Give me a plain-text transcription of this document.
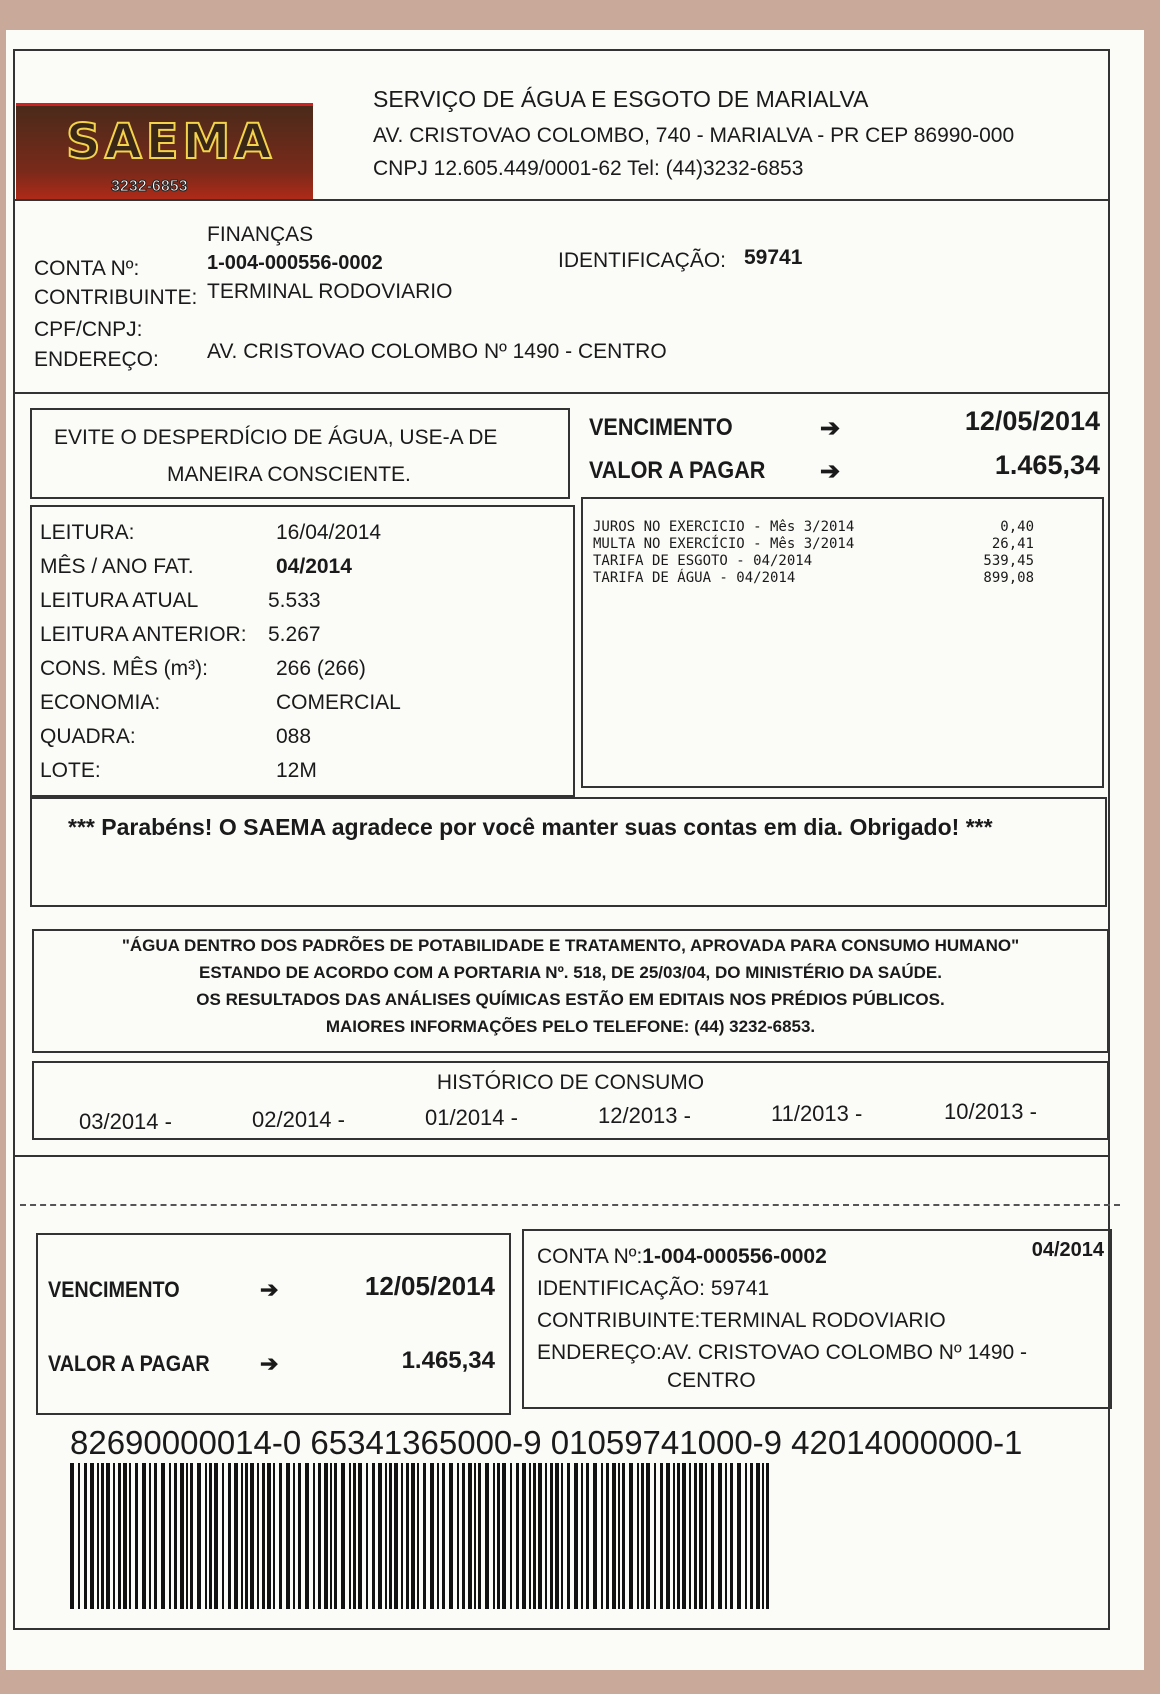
SAEMA
3232-6853
SERVIÇO DE ÁGUA E ESGOTO DE MARIALVA
AV. CRISTOVAO COLOMBO, 740 - MARIALVA - PR CEP 86990-000
CNPJ 12.605.449/0001-62 Tel: (44)3232-6853
FINANÇAS
CONTA Nº:	1-004-000556-0002	IDENTIFICAÇÃO: 59741
CONTRIBUINTE: TERMINAL RODOVIARIO
CPF/CNPJ:
ENDEREÇO: AV. CRISTOVAO COLOMBO Nº 1490 - CENTRO
EVITE O DESPERDÍCIO DE ÁGUA, USE-A DE
MANEIRA CONSCIENTE.
VENCIMENTO	➔	12/05/2014
VALOR A PAGAR ➔	1.465,34
LEITURA:	16/04/2014
MÊS / ANO FAT.	04/2014
LEITURA ATUAL	5.533
LEITURA ANTERIOR: 5.267
CONS. MÊS (m³):	266 (266)
ECONOMIA:	COMERCIAL
QUADRA:	088
LOTE:	12M
JUROS NO EXERCICIO - Mês 3/2014	0,40
MULTA NO EXERCÍCIO - Mês 3/2014	26,41
TARIFA DE ESGOTO - 04/2014	539,45
TARIFA DE ÁGUA - 04/2014	899,08
*** Parabéns! O SAEMA agradece por você manter suas contas em dia. Obrigado! ***
"ÁGUA DENTRO DOS PADRÕES DE POTABILIDADE E TRATAMENTO, APROVADA PARA CONSUMO HUMANO"
ESTANDO DE ACORDO COM A PORTARIA Nº. 518, DE 25/03/04, DO MINISTÉRIO DA SAÚDE.
OS RESULTADOS DAS ANÁLISES QUÍMICAS ESTÃO EM EDITAIS NOS PRÉDIOS PÚBLICOS.
MAIORES INFORMAÇÕES PELO TELEFONE: (44) 3232-6853.
HISTÓRICO DE CONSUMO
03/2014 -	02/2014 -	01/2014 -	12/2013 -	11/2013 -	10/2013 -
VENCIMENTO	➔	12/05/2014
VALOR A PAGAR ➔	1.465,34
CONTA Nº:1-004-000556-0002	04/2014
IDENTIFICAÇÃO: 59741
CONTRIBUINTE:TERMINAL RODOVIARIO
ENDEREÇO:AV. CRISTOVAO COLOMBO Nº 1490 -
CENTRO
82690000014-0 65341365000-9 01059741000-9 42014000000-1
